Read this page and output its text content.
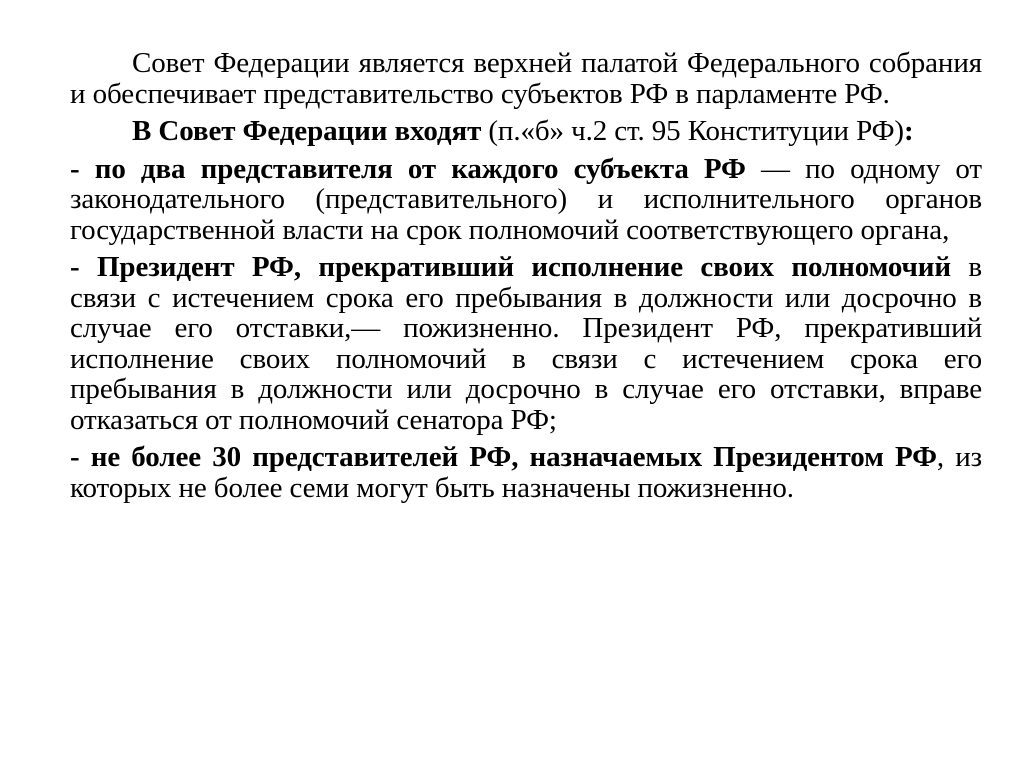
Совет Федерации является верхней палатой Федерального собрания и обеспечивает представительство субъектов РФ в парламенте РФ.

В Совет Федерации входят (п.«б» ч.2 ст. 95 Конституции РФ):

- по два представителя от каждого субъекта РФ — по одному от законодательного (представительного) и исполнительного органов государственной власти на срок полномочий соответствующего органа,

- Президент РФ, прекративший исполнение своих полномочий в связи с истечением срока его пребывания в должности или досрочно в случае его отставки,— пожизненно. Президент РФ, прекративший исполнение своих полномочий в связи с истечением срока его пребывания в должности или досрочно в случае его отставки, вправе отказаться от полномочий сенатора РФ;

- не более 30 представителей РФ, назначаемых Президентом РФ, из которых не более семи могут быть назначены пожизненно.
